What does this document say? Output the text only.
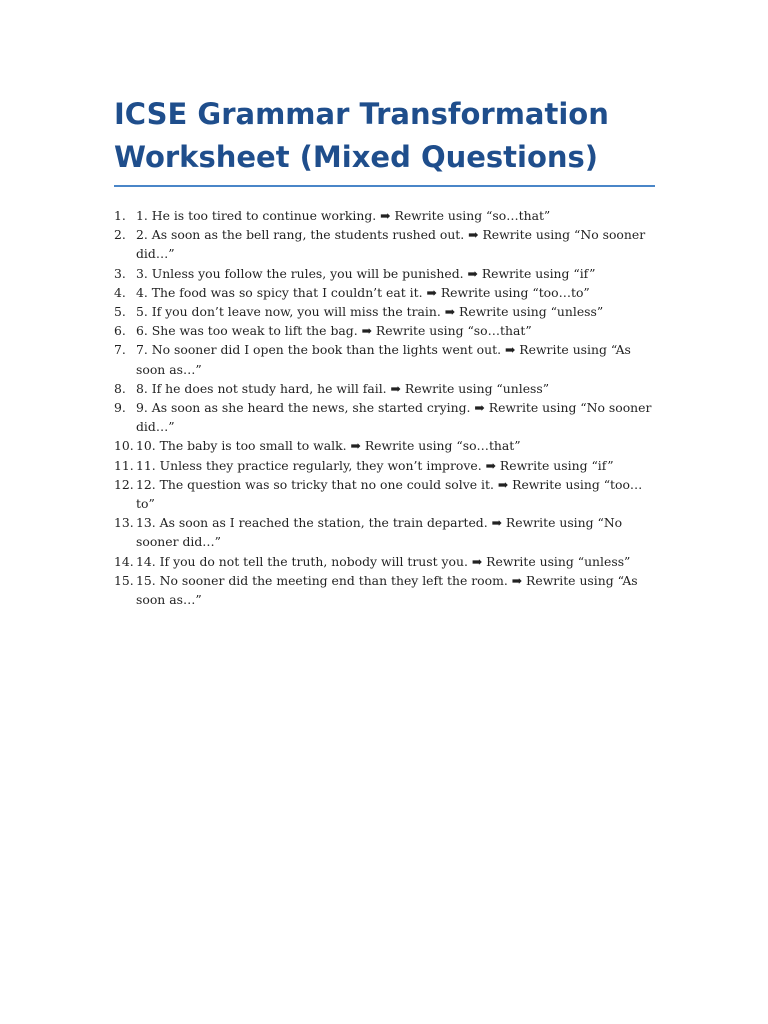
ICSE Grammar Transformation Worksheet (Mixed Questions)
1. 1. He is too tired to continue working. ➡ Rewrite using “so…that”
2. 2. As soon as the bell rang, the students rushed out. ➡ Rewrite using “No sooner did…”
3. 3. Unless you follow the rules, you will be punished. ➡ Rewrite using “if”
4. 4. The food was so spicy that I couldn’t eat it. ➡ Rewrite using “too…to”
5. 5. If you don’t leave now, you will miss the train. ➡ Rewrite using “unless”
6. 6. She was too weak to lift the bag. ➡ Rewrite using “so…that”
7. 7. No sooner did I open the book than the lights went out. ➡ Rewrite using “As soon as…”
8. 8. If he does not study hard, he will fail. ➡ Rewrite using “unless”
9. 9. As soon as she heard the news, she started crying. ➡ Rewrite using “No sooner did…”
10. 10. The baby is too small to walk. ➡ Rewrite using “so…that”
11. 11. Unless they practice regularly, they won’t improve. ➡ Rewrite using “if”
12. 12. The question was so tricky that no one could solve it. ➡ Rewrite using “too…to”
13. 13. As soon as I reached the station, the train departed. ➡ Rewrite using “No sooner did…”
14. 14. If you do not tell the truth, nobody will trust you. ➡ Rewrite using “unless”
15. 15. No sooner did the meeting end than they left the room. ➡ Rewrite using “As soon as…”
